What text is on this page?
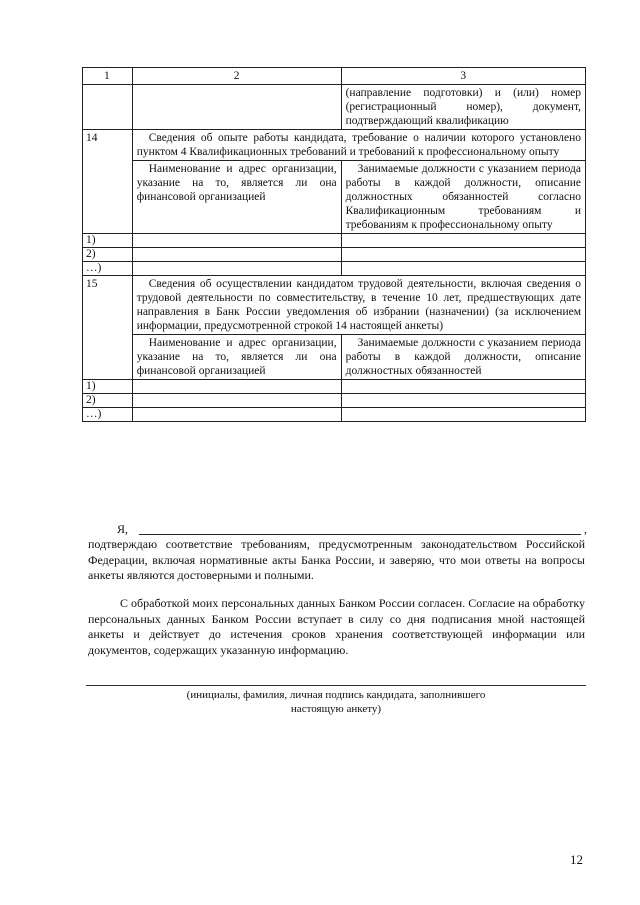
1	2	3
		(направление подготовки) и (или) номер (регистрационный номер), документ, подтверждающий квалификацию
14	Сведения об опыте работы кандидата, требование о наличии которого установлено пунктом 4 Квалификационных требований и требований к профессиональному опыту	
	Наименование и адрес организации, указание на то, является ли она финансовой организацией	Занимаемые должности с указанием периода работы в каждой должности, описание должностных обязанностей согласно Квалификационным требованиям и требованиям к профессиональному опыту
1)		
2)		
…)		
15	Сведения об осуществлении кандидатом трудовой деятельности, включая сведения о трудовой деятельности по совместительству, в течение 10 лет, предшествующих дате направления в Банк России уведомления об избрании (назначении) (за исключением информации, предусмотренной строкой 14 настоящей анкеты)	
	Наименование и адрес организации, указание на то, является ли она финансовой организацией	Занимаемые должности с указанием периода работы в каждой должности, описание должностных обязанностей
1)		
2)		
…)		
Я,	,

подтверждаю соответствие требованиям, предусмотренным законодательством Российской Федерации, включая нормативные акты Банка России, и заверяю, что мои ответы на вопросы анкеты являются достоверными и полными.

С обработкой моих персональных данных Банком России согласен. Согласие на обработку персональных данных Банком России вступает в силу со дня подписания мной настоящей анкеты и действует до истечения сроков хранения соответствующей информации или документов, содержащих указанную информацию.

(инициалы, фамилия, личная подпись кандидата, заполнившего
настоящую анкету)
12
